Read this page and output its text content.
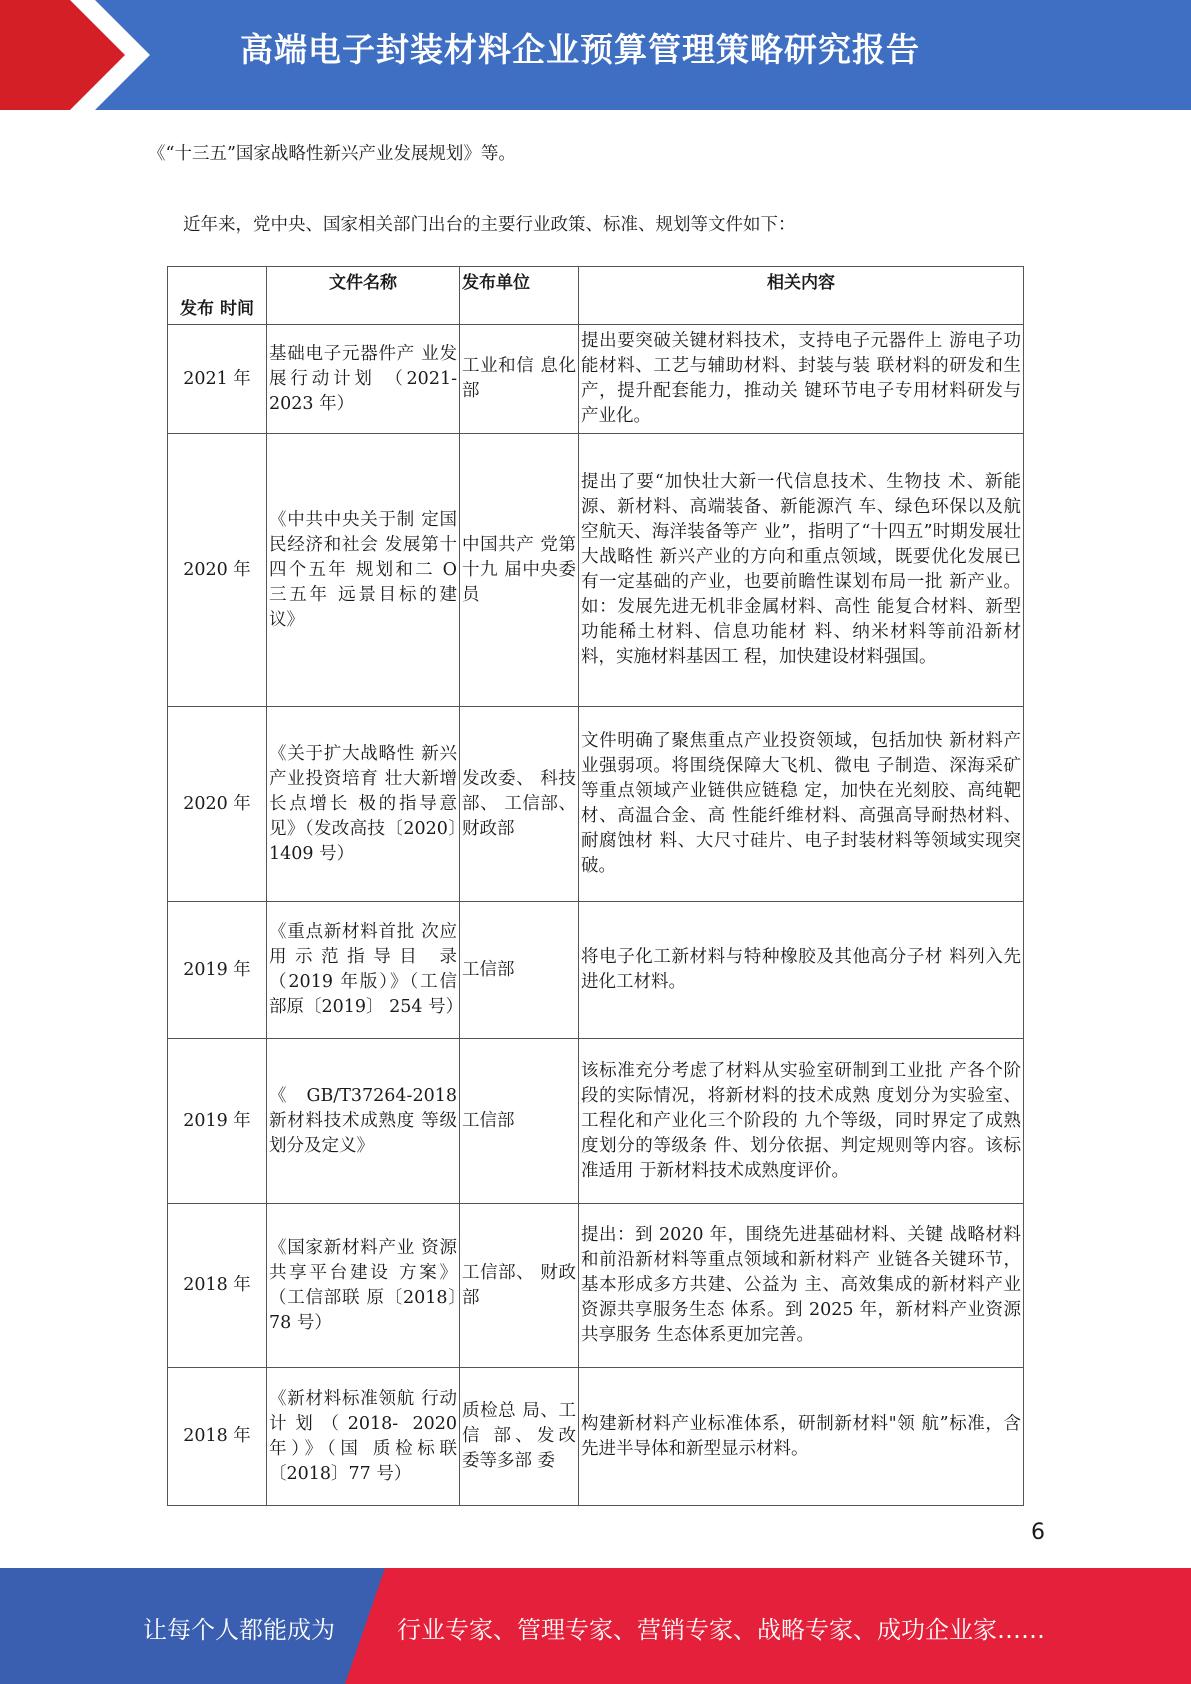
高端电子封装材料企业预算管理策略研究报告
《“十三五”国家战略性新兴产业发展规划》等。
近年来，党中央、国家相关部门出台的主要行业政策、标准、规划等文件如下：
发布 时间	文件名称	发布单位	相关内容
2021 年	基础电子元器件产 业发展行动计划 （2021-2023 年）	工业和信 息化部	提出要突破关键材料技术，支持电子元器件上 游电子功能材料、工艺与辅助材料、封装与装 联材料的研发和生产，提升配套能力，推动关 键环节电子专用材料研发与产业化。
2020 年	《中共中央关于制 定国民经济和社会 发展第十四个五年 规划和二 O 三五年 远景目标的建议》	中国共产 党第十九 届中央委 员	提出了要“加快壮大新一代信息技术、生物技 术、新能源、新材料、高端装备、新能源汽 车、绿色环保以及航空航天、海洋装备等产 业”，指明了“十四五”时期发展壮大战略性 新兴产业的方向和重点领域，既要优化发展已 有一定基础的产业，也要前瞻性谋划布局一批 新产业。如：发展先进无机非金属材料、高性 能复合材料、新型功能稀土材料、信息功能材 料、纳米材料等前沿新材料，实施材料基因工 程，加快建设材料强国。
2020 年	《关于扩大战略性 新兴产业投资培育 壮大新增长点增长 极的指导意见》（发改高技〔2020〕1409 号）	发改委、 科技部、 工信部、 财政部	文件明确了聚焦重点产业投资领域，包括加快 新材料产业强弱项。将围绕保障大飞机、微电 子制造、深海采矿等重点领域产业链供应链稳 定，加快在光刻胶、高纯靶材、高温合金、高 性能纤维材料、高强高导耐热材料、耐腐蚀材 料、大尺寸硅片、电子封装材料等领域实现突 破。
2019 年	《重点新材料首批 次应用示范指导目 录（2019 年版）》（工信部原〔2019〕 254 号）	工信部	将电子化工新材料与特种橡胶及其他高分子材 料列入先进化工材料。
2019 年	《GB/T37264-2018 新材料技术成熟度 等级划分及定义》	工信部	该标准充分考虑了材料从实验室研制到工业批 产各个阶段的实际情况，将新材料的技术成熟 度划分为实验室、工程化和产业化三个阶段的 九个等级，同时界定了成熟度划分的等级条 件、划分依据、判定规则等内容。该标准适用 于新材料技术成熟度评价。
2018 年	《国家新材料产业 资源共享平台建设 方案》（工信部联 原〔2018〕78 号）	工信部、 财政部	提出：到 2020 年，围绕先进基础材料、关键 战略材料和前沿新材料等重点领域和新材料产 业链各关键环节，基本形成多方共建、公益为 主、高效集成的新材料产业资源共享服务生态 体系。到 2025 年，新材料产业资源共享服务 生态体系更加完善。
2018 年	《新材料标准领航 行动计划（2018- 2020 年）》（国 质检标联〔2018〕77 号）	质检总 局、工信 部、发改 委等多部 委	构建新材料产业标准体系，研制新材料"领 航”标准，含先进半导体和新型显示材料。
6
让每个人都能成为	行业专家、管理专家、营销专家、战略专家、成功企业家……
